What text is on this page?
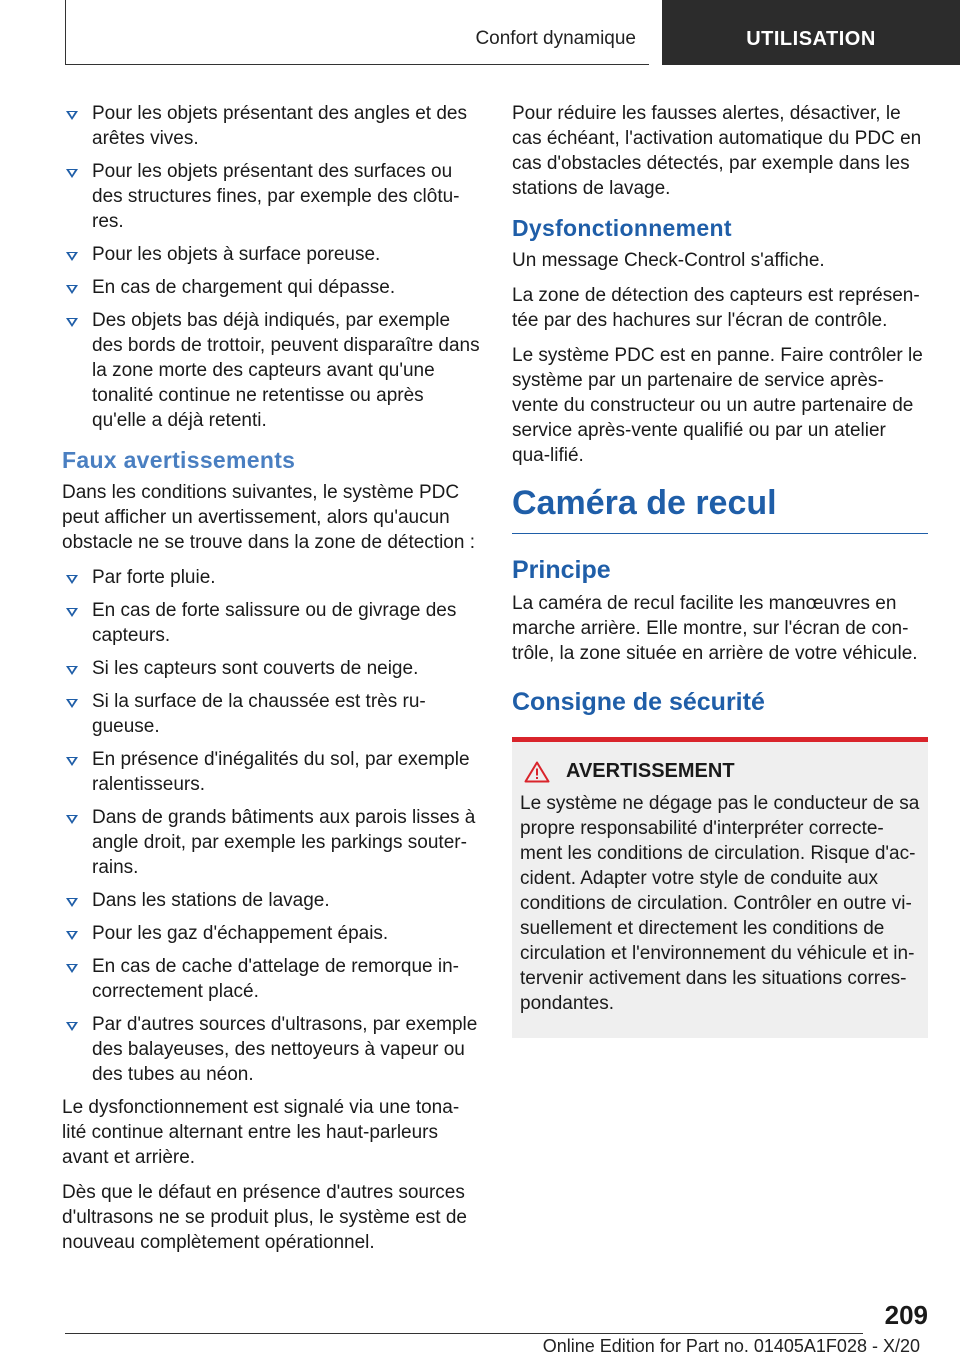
Confort dynamique	UTILISATION
Pour les objets présentant des angles et des arêtes vives.
Pour les objets présentant des surfaces ou des structures fines, par exemple des clôtu-res.
Pour les objets à surface poreuse.
En cas de chargement qui dépasse.
Des objets bas déjà indiqués, par exemple des bords de trottoir, peuvent disparaître dans la zone morte des capteurs avant qu'une tonalité continue ne retentisse ou après qu'elle a déjà retenti.
Faux avertissements

Dans les conditions suivantes, le système PDC peut afficher un avertissement, alors qu'aucun obstacle ne se trouve dans la zone de détection :

Par forte pluie.
En cas de forte salissure ou de givrage des capteurs.
Si les capteurs sont couverts de neige.
Si la surface de la chaussée est très ru-gueuse.
En présence d'inégalités du sol, par exemple ralentisseurs.
Dans de grands bâtiments aux parois lisses à angle droit, par exemple les parkings souter-rains.
Dans les stations de lavage.
Pour les gaz d'échappement épais.
En cas de cache d'attelage de remorque in-correctement placé.
Par d'autres sources d'ultrasons, par exemple des balayeuses, des nettoyeurs à vapeur ou des tubes au néon.

Le dysfonctionnement est signalé via une tona-lité continue alternant entre les haut-parleurs avant et arrière.

Dès que le défaut en présence d'autres sources d'ultrasons ne se produit plus, le système est de nouveau complètement opérationnel.

Pour réduire les fausses alertes, désactiver, le cas échéant, l'activation automatique du PDC en cas d'obstacles détectés, par exemple dans les stations de lavage.

Dysfonctionnement

Un message Check-Control s'affiche.

La zone de détection des capteurs est représen-tée par des hachures sur l'écran de contrôle.

Le système PDC est en panne. Faire contrôler le système par un partenaire de service après-vente du constructeur ou un autre partenaire de service après-vente qualifié ou par un atelier qua-lifié.

Caméra de recul
Principe

La caméra de recul facilite les manœuvres en marche arrière. Elle montre, sur l'écran de con-trôle, la zone située en arrière de votre véhicule.

Consigne de sécurité
AVERTISSEMENT
Le système ne dégage pas le conducteur de sa propre responsabilité d'interpréter correcte-ment les conditions de circulation. Risque d'ac-cident. Adapter votre style de conduite aux conditions de circulation. Contrôler en outre vi-suellement et directement les conditions de circulation et l'environnement du véhicule et in-tervenir activement dans les situations corres-pondantes.
209
Online Edition for Part no. 01405A1F028 - X/20
